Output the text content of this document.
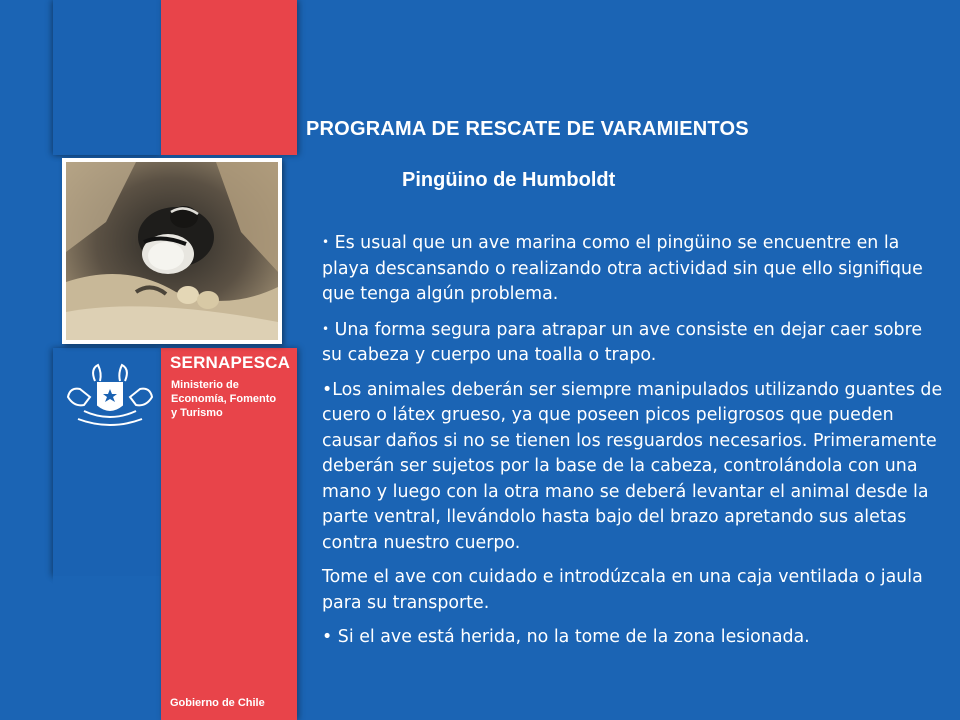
SERNAPESCA
Ministerio de
Economía, Fomento
y Turismo
Gobierno de Chile
PROGRAMA DE RESCATE DE VARAMIENTOS
Pingüino de Humboldt

• Es usual que un ave marina como el pingüino se encuentre en la playa descansando o realizando otra actividad sin que ello signifique que tenga algún problema.

• Una forma segura para atrapar un ave consiste en dejar caer sobre su cabeza y cuerpo una toalla o trapo.

•Los animales deberán ser siempre manipulados utilizando guantes de cuero o látex grueso, ya que poseen picos peligrosos que pueden causar daños si no se tienen los resguardos necesarios. Primeramente deberán ser sujetos por la base de la cabeza, controlándola con una mano y luego con la otra mano se deberá levantar el animal desde la parte ventral, llevándolo hasta bajo del brazo apretando sus aletas contra nuestro cuerpo.

Tome el ave con cuidado e introdúzcala en una caja ventilada o jaula para su transporte.

• Si el ave está herida, no la tome de la zona lesionada.
